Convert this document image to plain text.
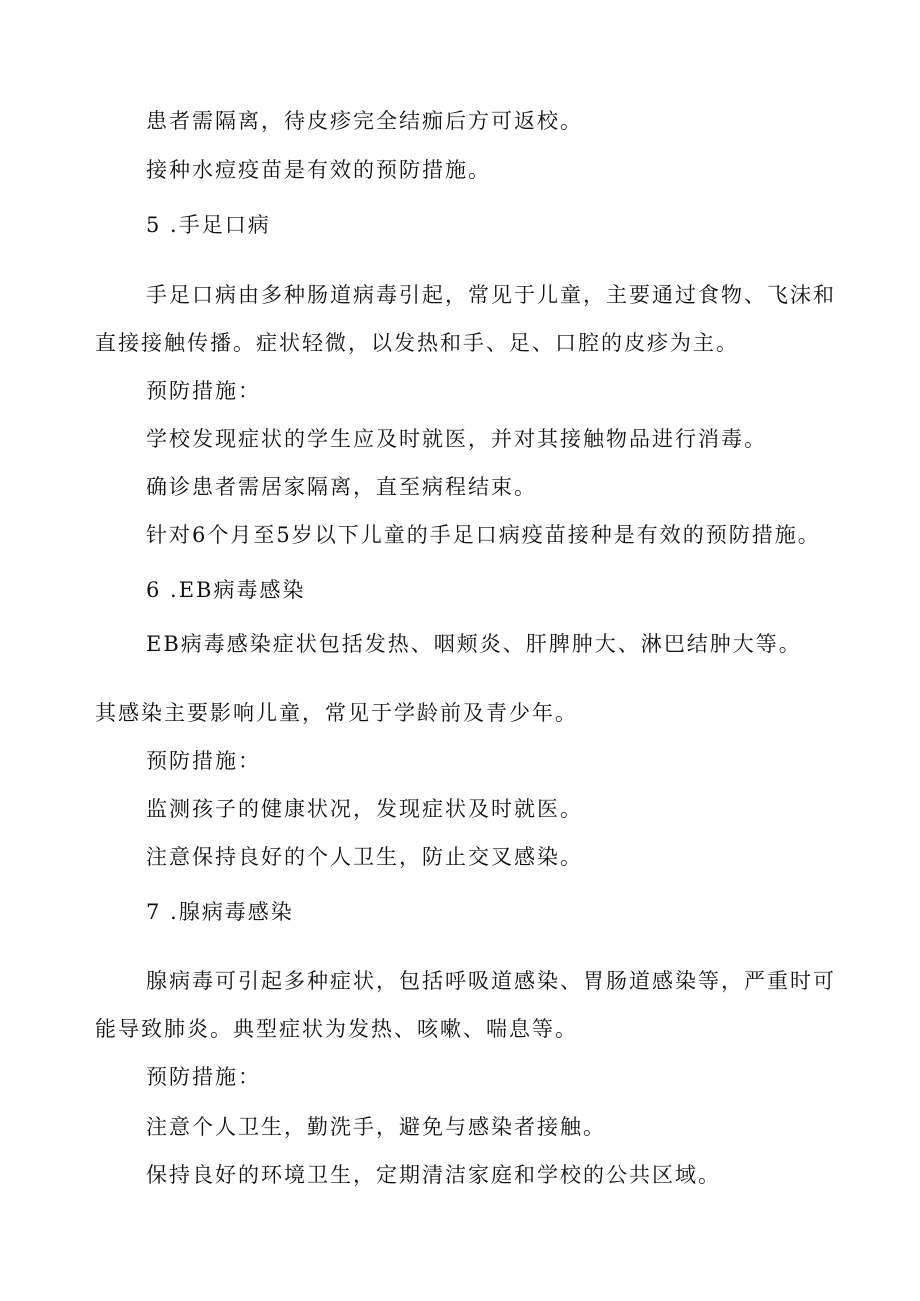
患者需隔离，待皮疹完全结痂后方可返校。
接种水痘疫苗是有效的预防措施。
5 .手足口病
手足口病由多种肠道病毒引起，常见于儿童，主要通过食物、飞沫和
直接接触传播。症状轻微，以发热和手、足、口腔的皮疹为主。
预防措施：
学校发现症状的学生应及时就医，并对其接触物品进行消毒。
确诊患者需居家隔离，直至病程结束。
针对6个月至5岁以下儿童的手足口病疫苗接种是有效的预防措施。
6 .EB病毒感染
EB病毒感染症状包括发热、咽颊炎、肝脾肿大、淋巴结肿大等。
其感染主要影响儿童，常见于学龄前及青少年。
预防措施：
监测孩子的健康状况，发现症状及时就医。
注意保持良好的个人卫生，防止交叉感染。
7 .腺病毒感染
腺病毒可引起多种症状，包括呼吸道感染、胃肠道感染等，严重时可
能导致肺炎。典型症状为发热、咳嗽、喘息等。
预防措施：
注意个人卫生，勤洗手，避免与感染者接触。
保持良好的环境卫生，定期清洁家庭和学校的公共区域。
